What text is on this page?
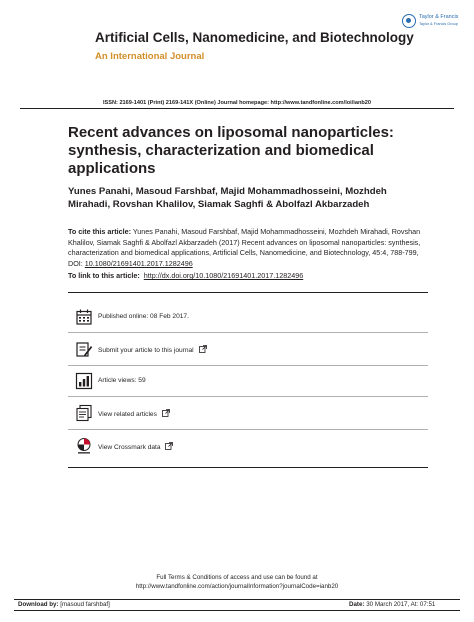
Artificial Cells, Nanomedicine, and Biotechnology
An International Journal
Taylor & Francis
Taylor & Francis Group
ISSN: 2169-1401 (Print) 2169-141X (Online) Journal homepage: http://www.tandfonline.com/loi/ianb20
Recent advances on liposomal nanoparticles: synthesis, characterization and biomedical applications
Yunes Panahi, Masoud Farshbaf, Majid Mohammadhosseini, Mozhdeh Mirahadi, Rovshan Khalilov, Siamak Saghfi & Abolfazl Akbarzadeh
To cite this article: Yunes Panahi, Masoud Farshbaf, Majid Mohammadhosseini, Mozhdeh Mirahadi, Rovshan Khalilov, Siamak Saghfi & Abolfazl Akbarzadeh (2017) Recent advances on liposomal nanoparticles: synthesis, characterization and biomedical applications, Artificial Cells, Nanomedicine, and Biotechnology, 45:4, 788-799, DOI: 10.1080/21691401.2017.1282496
To link to this article: http://dx.doi.org/10.1080/21691401.2017.1282496
Published online: 08 Feb 2017.
Submit your article to this journal
Article views: 59
View related articles
View Crossmark data
Full Terms & Conditions of access and use can be found at
http://www.tandfonline.com/action/journalInformation?journalCode=ianb20
Download by: [masoud farshbaf]	Date: 30 March 2017, At: 07:51
